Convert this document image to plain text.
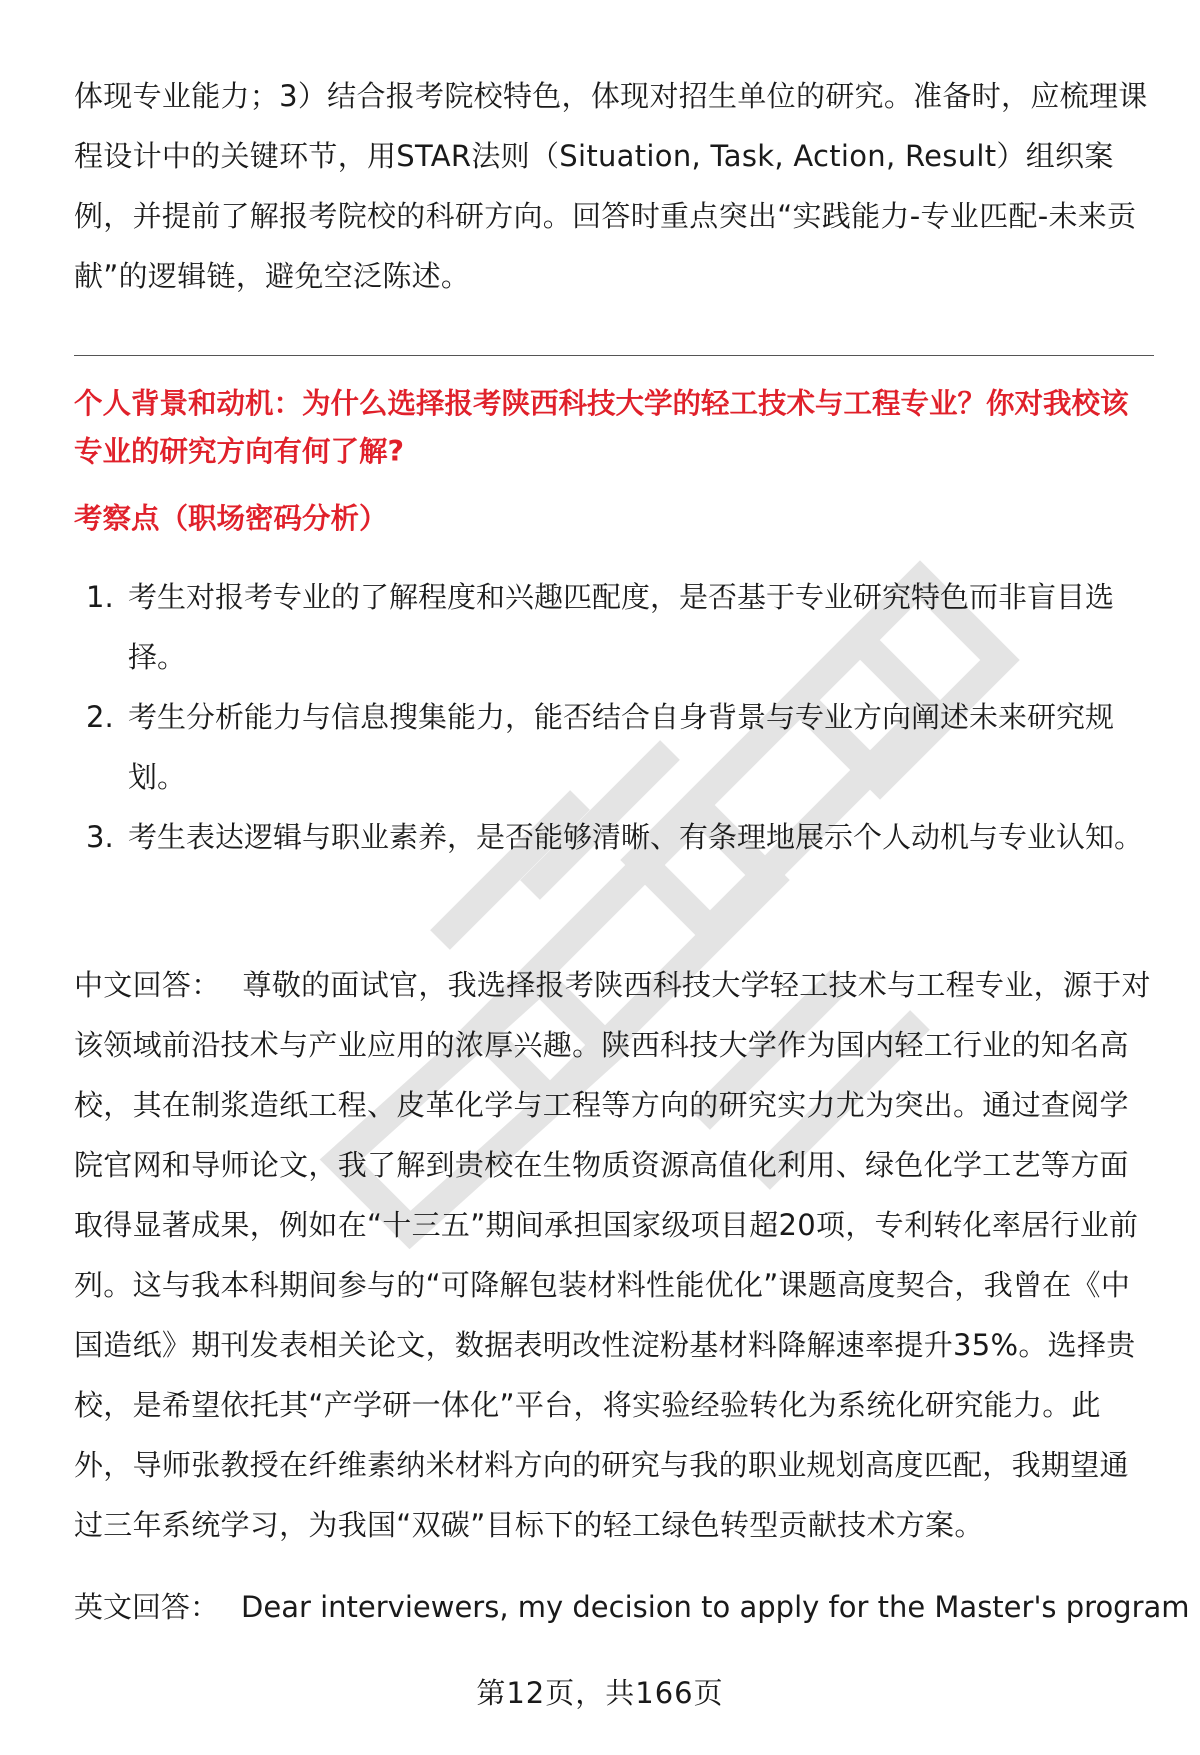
体现专业能力；3）结合报考院校特色，体现对招生单位的研究。准备时，应梳理课程设计中的关键环节，用STAR法则（Situation, Task, Action, Result）组织案例，并提前了解报考院校的科研方向。回答时重点突出“实践能力-专业匹配-未来贡献”的逻辑链，避免空泛陈述。
个人背景和动机：为什么选择报考陕西科技大学的轻工技术与工程专业？你对我校该专业的研究方向有何了解?
考察点（职场密码分析）
1. 考生对报考专业的了解程度和兴趣匹配度，是否基于专业研究特色而非盲目选择。
2. 考生分析能力与信息搜集能力，能否结合自身背景与专业方向阐述未来研究规划。
3. 考生表达逻辑与职业素养，是否能够清晰、有条理地展示个人动机与专业认知。
中文回答： 尊敬的面试官，我选择报考陕西科技大学轻工技术与工程专业，源于对该领域前沿技术与产业应用的浓厚兴趣。陕西科技大学作为国内轻工行业的知名高校，其在制浆造纸工程、皮革化学与工程等方向的研究实力尤为突出。通过查阅学院官网和导师论文，我了解到贵校在生物质资源高值化利用、绿色化学工艺等方面取得显著成果，例如在“十三五”期间承担国家级项目超20项，专利转化率居行业前列。这与我本科期间参与的“可降解包装材料性能优化”课题高度契合，我曾在《中国造纸》期刊发表相关论文，数据表明改性淀粉基材料降解速率提升35%。选择贵校，是希望依托其“产学研一体化”平台，将实验经验转化为系统化研究能力。此外，导师张教授在纤维素纳米材料方向的研究与我的职业规划高度匹配，我期望通过三年系统学习，为我国“双碳”目标下的轻工绿色转型贡献技术方案。
英文回答： Dear interviewers, my decision to apply for the Master's program
第12页，共166页
